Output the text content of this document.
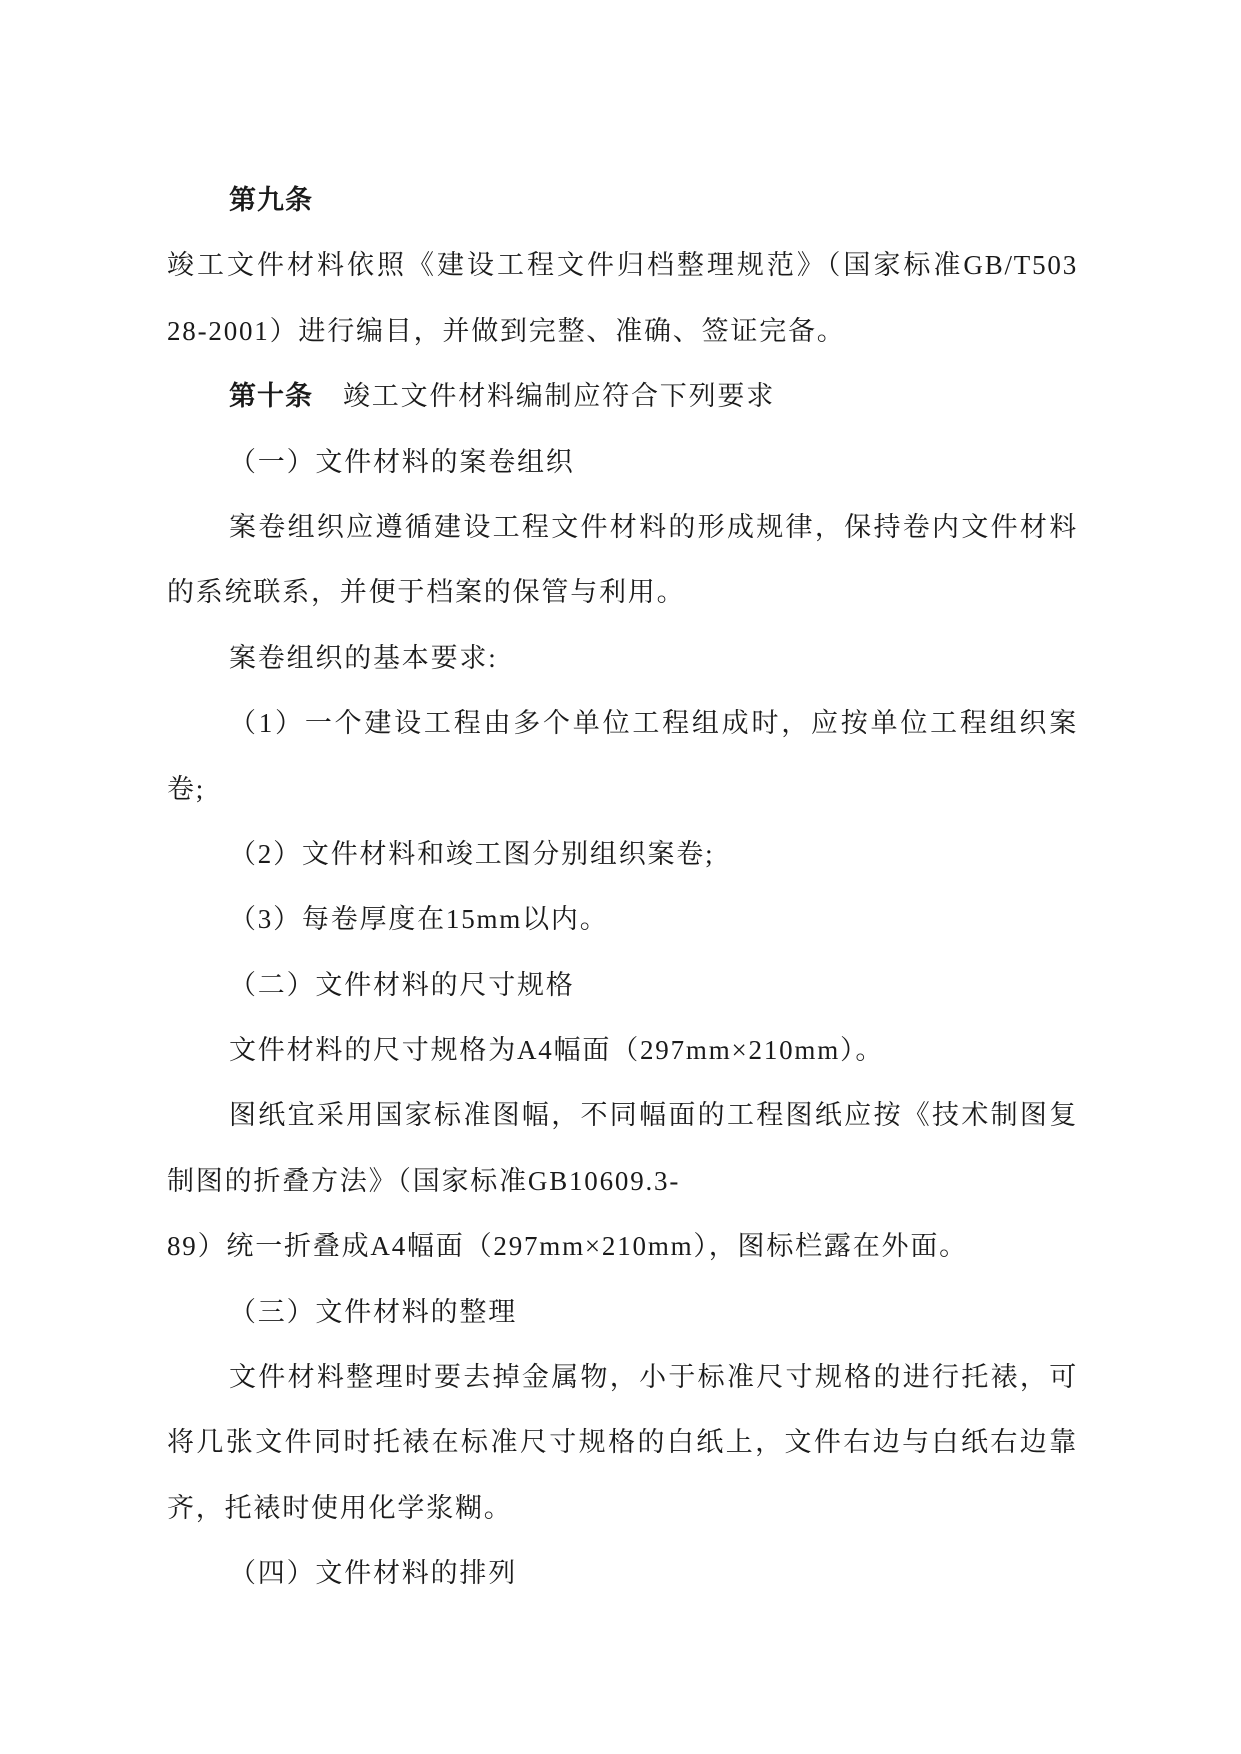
第九条
竣工文件材料依照《建设工程文件归档整理规范》（国家标准GB/T503
28-2001）进行编目，并做到完整、准确、签证完备。
第十条 竣工文件材料编制应符合下列要求
（一）文件材料的案卷组织
案卷组织应遵循建设工程文件材料的形成规律，保持卷内文件材料
的系统联系，并便于档案的保管与利用。
案卷组织的基本要求:
（1）一个建设工程由多个单位工程组成时，应按单位工程组织案
卷;
（2）文件材料和竣工图分别组织案卷;
（3）每卷厚度在15mm以内。
（二）文件材料的尺寸规格
文件材料的尺寸规格为A4幅面（297mm×210mm）。
图纸宜采用国家标准图幅，不同幅面的工程图纸应按《技术制图复
制图的折叠方法》（国家标准GB10609.3-
89）统一折叠成A4幅面（297mm×210mm），图标栏露在外面。
（三）文件材料的整理
文件材料整理时要去掉金属物，小于标准尺寸规格的进行托裱，可
将几张文件同时托裱在标准尺寸规格的白纸上，文件右边与白纸右边靠
齐，托裱时使用化学浆糊。
（四）文件材料的排列
